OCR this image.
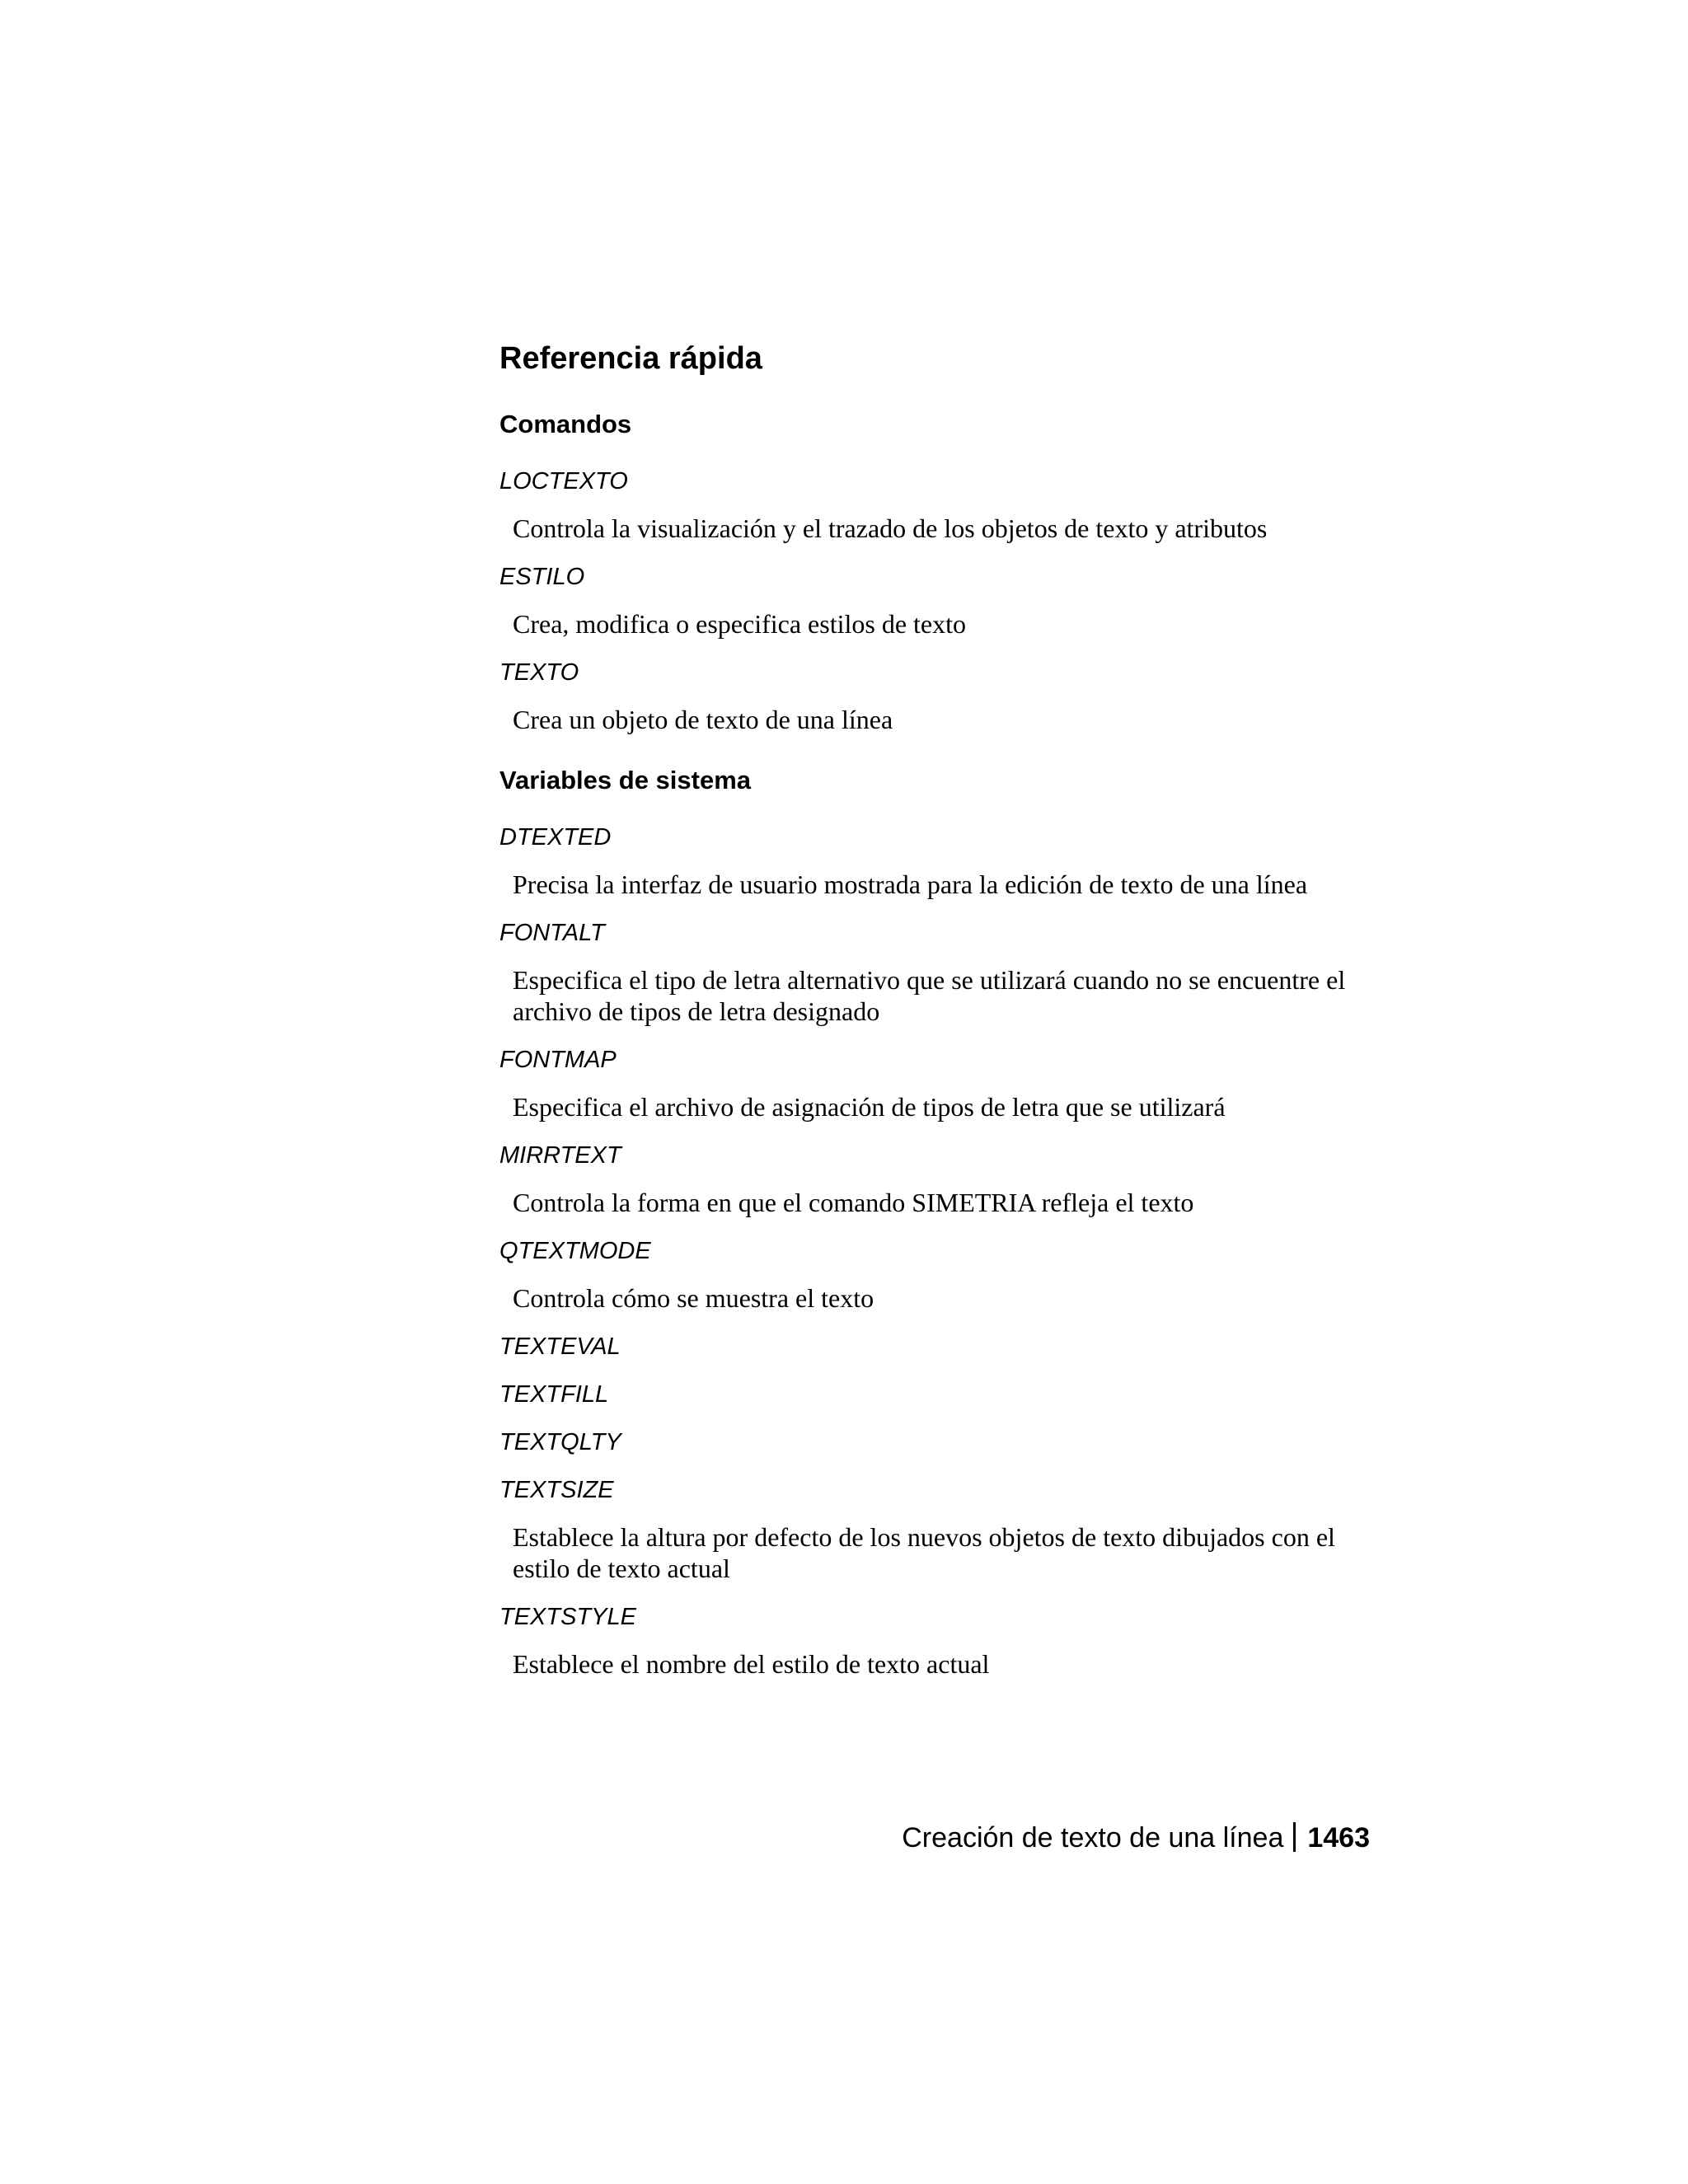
Referencia rápida
Comandos
LOCTEXTO
Controla la visualización y el trazado de los objetos de texto y atributos
ESTILO
Crea, modifica o especifica estilos de texto
TEXTO
Crea un objeto de texto de una línea
Variables de sistema
DTEXTED
Precisa la interfaz de usuario mostrada para la edición de texto de una línea
FONTALT
Especifica el tipo de letra alternativo que se utilizará cuando no se encuentre el archivo de tipos de letra designado
FONTMAP
Especifica el archivo de asignación de tipos de letra que se utilizará
MIRRTEXT
Controla la forma en que el comando SIMETRIA refleja el texto
QTEXTMODE
Controla cómo se muestra el texto
TEXTEVAL
TEXTFILL
TEXTQLTY
TEXTSIZE
Establece la altura por defecto de los nuevos objetos de texto dibujados con el estilo de texto actual
TEXTSTYLE
Establece el nombre del estilo de texto actual
Creación de texto de una línea 1463
